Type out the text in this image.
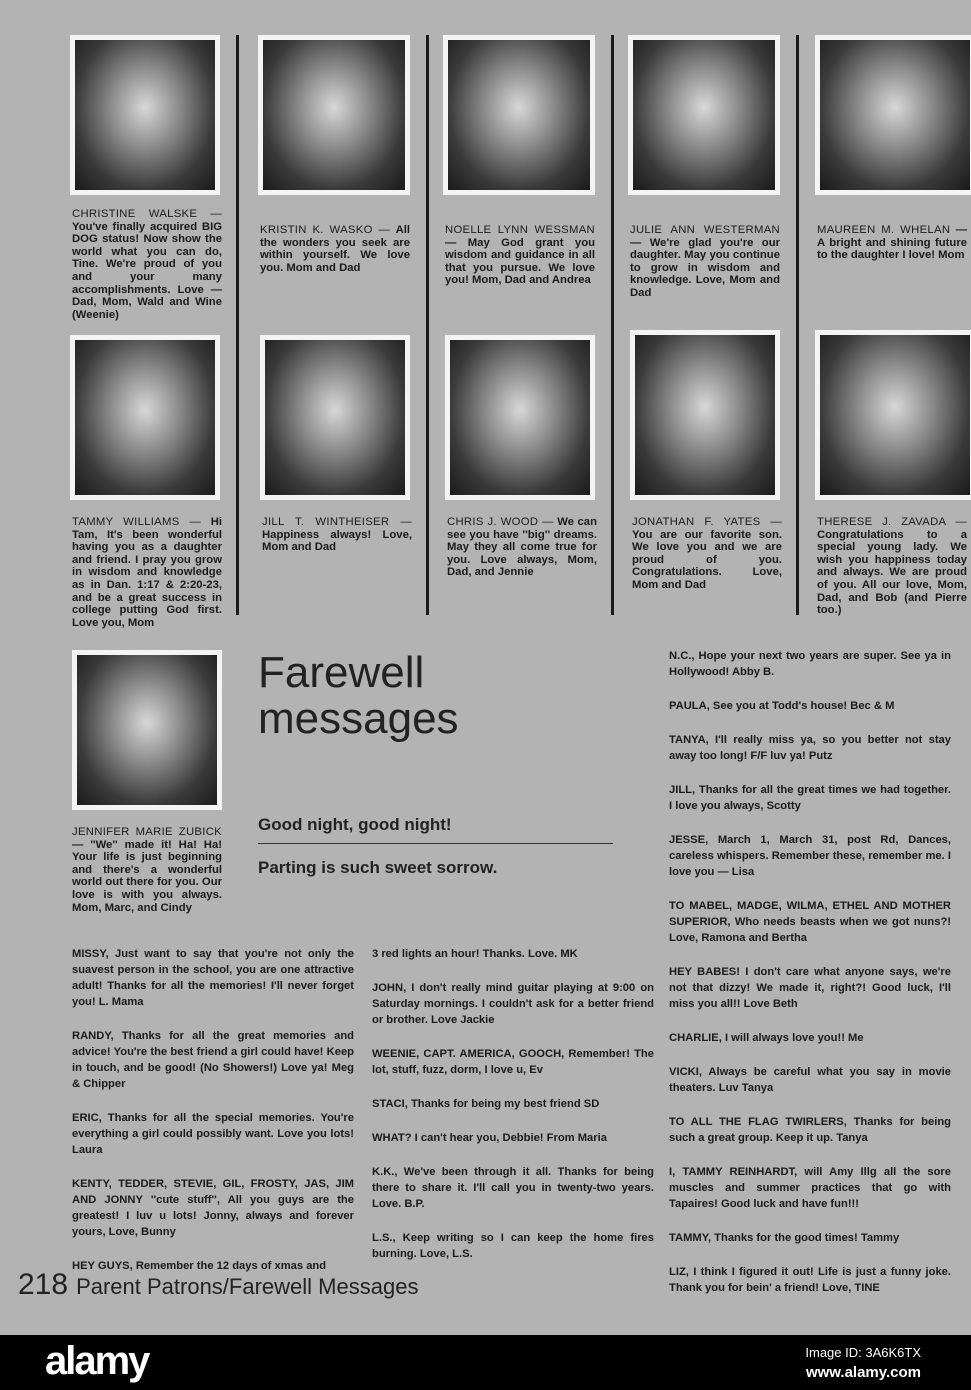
CHRISTINE WALSKE — You've finally acquired BIG DOG status! Now show the world what you can do, Tine. We're proud of you and your many accomplishments. Love — Dad, Mom, Wald and Wine (Weenie)
KRISTIN K. WASKO — All the wonders you seek are within yourself. We love you. Mom and Dad
NOELLE LYNN WESSMAN — May God grant you wisdom and guidance in all that you pursue. We love you! Mom, Dad and Andrea
JULIE ANN WESTERMAN — We're glad you're our daughter. May you continue to grow in wisdom and knowledge. Love, Mom and Dad
MAUREEN M. WHELAN — A bright and shining future to the daughter I love! Mom
TAMMY WILLIAMS — Hi Tam, It's been wonderful having you as a daughter and friend. I pray you grow in wisdom and knowledge as in Dan. 1:17 & 2:20-23, and be a great success in college putting God first. Love you, Mom
JILL T. WINTHEISER — Happiness always! Love, Mom and Dad
CHRIS J. WOOD — We can see you have ''big'' dreams. May they all come true for you. Love always, Mom, Dad, and Jennie
JONATHAN F. YATES — You are our favorite son. We love you and we are proud of you. Congratulations. Love, Mom and Dad
THERESE J. ZAVADA — Congratulations to a special young lady. We wish you happiness today and always. We are proud of you. All our love, Mom, Dad, and Bob (and Pierre too.)
JENNIFER MARIE ZUBICK — ''We'' made it! Ha! Ha! Your life is just beginning and there's a wonderful world out there for you. Our love is with you always. Mom, Marc, and Cindy
Farewell
messages
Good night, good night!
Parting is such sweet sorrow.

MISSY, Just want to say that you're not only the suavest person in the school, you are one attractive adult! Thanks for all the memories! I'll never forget you! L. Mama

RANDY, Thanks for all the great memories and advice! You're the best friend a girl could have! Keep in touch, and be good! (No Showers!) Love ya! Meg & Chipper

ERIC, Thanks for all the special memories. You're everything a girl could possibly want. Love you lots! Laura

KENTY, TEDDER, STEVIE, GIL, FROSTY, JAS, JIM AND JONNY ''cute stuff'', All you guys are the greatest! I luv u lots! Jonny, always and forever yours, Love, Bunny

HEY GUYS, Remember the 12 days of xmas and

3 red lights an hour! Thanks. Love. MK

JOHN, I don't really mind guitar playing at 9:00 on Saturday mornings. I couldn't ask for a better friend or brother. Love Jackie

WEENIE, CAPT. AMERICA, GOOCH, Remember! The lot, stuff, fuzz, dorm, I love u, Ev

STACI, Thanks for being my best friend SD

WHAT? I can't hear you, Debbie! From Maria

K.K., We've been through it all. Thanks for being there to share it. I'll call you in twenty-two years. Love. B.P.

L.S., Keep writing so I can keep the home fires burning. Love, L.S.

N.C., Hope your next two years are super. See ya in Hollywood! Abby B.

PAULA, See you at Todd's house! Bec & M

TANYA, I'll really miss ya, so you better not stay away too long! F/F luv ya! Putz

JILL, Thanks for all the great times we had together. I love you always, Scotty

JESSE, March 1, March 31, post Rd, Dances, careless whispers. Remember these, remember me. I love you — Lisa

TO MABEL, MADGE, WILMA, ETHEL AND MOTHER SUPERIOR, Who needs beasts when we got nuns?! Love, Ramona and Bertha

HEY BABES! I don't care what anyone says, we're not that dizzy! We made it, right?! Good luck, I'll miss you all!! Love Beth

CHARLIE, I will always love you!! Me

VICKI, Always be careful what you say in movie theaters. Luv Tanya

TO ALL THE FLAG TWIRLERS, Thanks for being such a great group. Keep it up. Tanya

I, TAMMY REINHARDT, will Amy Illg all the sore muscles and summer practices that go with Tapaires! Good luck and have fun!!!

TAMMY, Thanks for the good times! Tammy

LIZ, I think I figured it out! Life is just a funny joke. Thank you for bein' a friend! Love, TINE

218 Parent Patrons/Farewell Messages
alamy	Image ID: 3A6K6TX
www.alamy.com
